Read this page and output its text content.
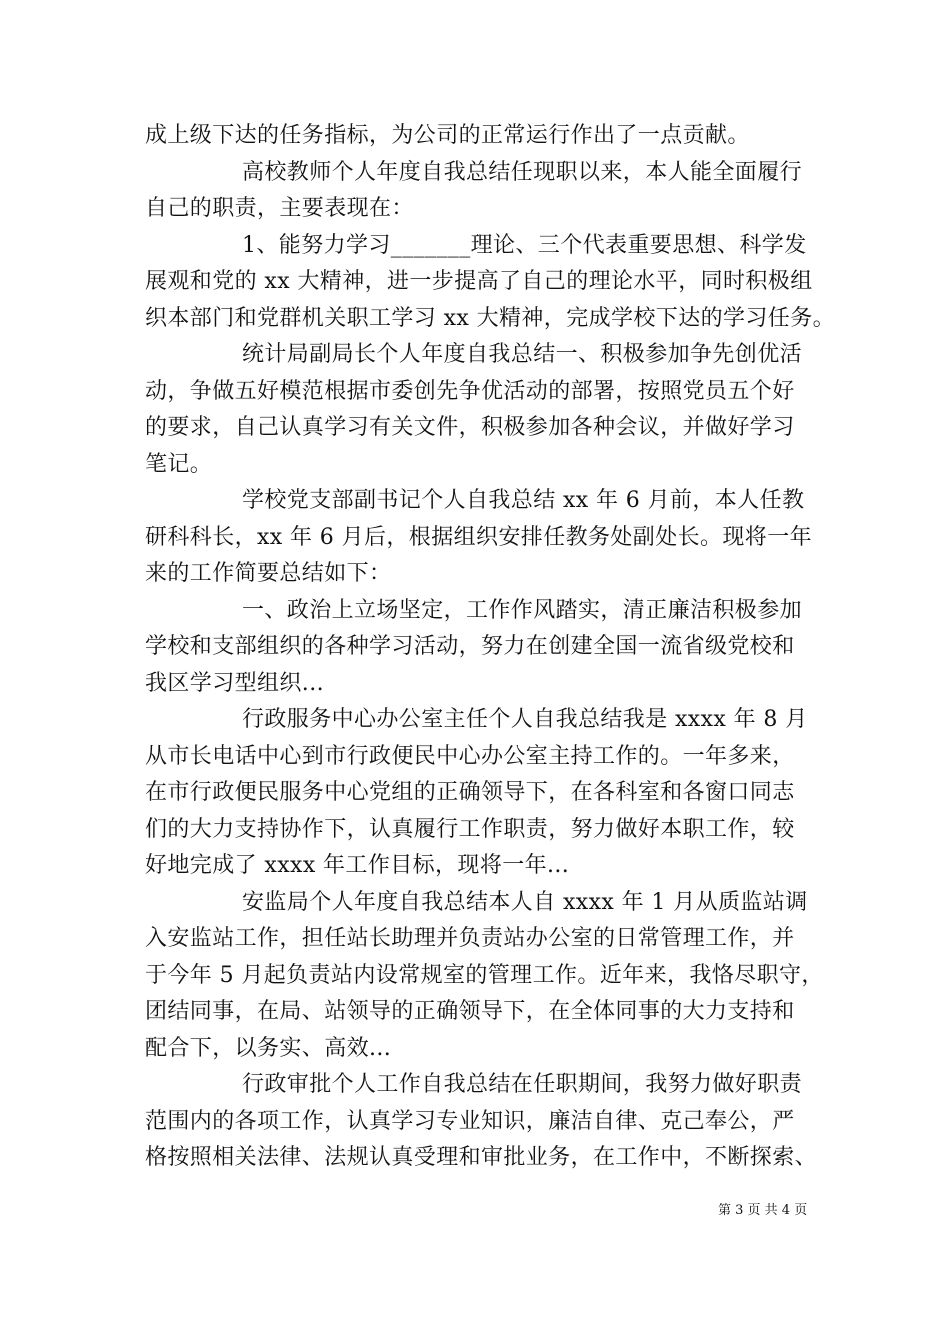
成上级下达的任务指标，为公司的正常运行作出了一点贡献。
高校教师个人年度自我总结任现职以来，本人能全面履行
自己的职责，主要表现在：
1、能努力学习_______理论、三个代表重要思想、科学发
展观和党的 xx 大精神，进一步提高了自己的理论水平，同时积极组
织本部门和党群机关职工学习 xx 大精神，完成学校下达的学习任务。
统计局副局长个人年度自我总结一、积极参加争先创优活
动，争做五好模范根据市委创先争优活动的部署，按照党员五个好
的要求，自己认真学习有关文件，积极参加各种会议，并做好学习
笔记。
学校党支部副书记个人自我总结 xx 年 6 月前，本人任教
研科科长，xx 年 6 月后，根据组织安排任教务处副处长。现将一年
来的工作简要总结如下：
一、政治上立场坚定，工作作风踏实，清正廉洁积极参加
学校和支部组织的各种学习活动，努力在创建全国一流省级党校和
我区学习型组织...
行政服务中心办公室主任个人自我总结我是 xxxx 年 8 月
从市长电话中心到市行政便民中心办公室主持工作的。一年多来，
在市行政便民服务中心党组的正确领导下，在各科室和各窗口同志
们的大力支持协作下，认真履行工作职责，努力做好本职工作，较
好地完成了 xxxx 年工作目标，现将一年...
安监局个人年度自我总结本人自 xxxx 年 1 月从质监站调
入安监站工作，担任站长助理并负责站办公室的日常管理工作，并
于今年 5 月起负责站内设常规室的管理工作。近年来，我恪尽职守，
团结同事，在局、站领导的正确领导下，在全体同事的大力支持和
配合下，以务实、高效...
行政审批个人工作自我总结在任职期间，我努力做好职责
范围内的各项工作，认真学习专业知识，廉洁自律、克己奉公，严
格按照相关法律、法规认真受理和审批业务，在工作中，不断探索、
第 3 页 共 4 页
